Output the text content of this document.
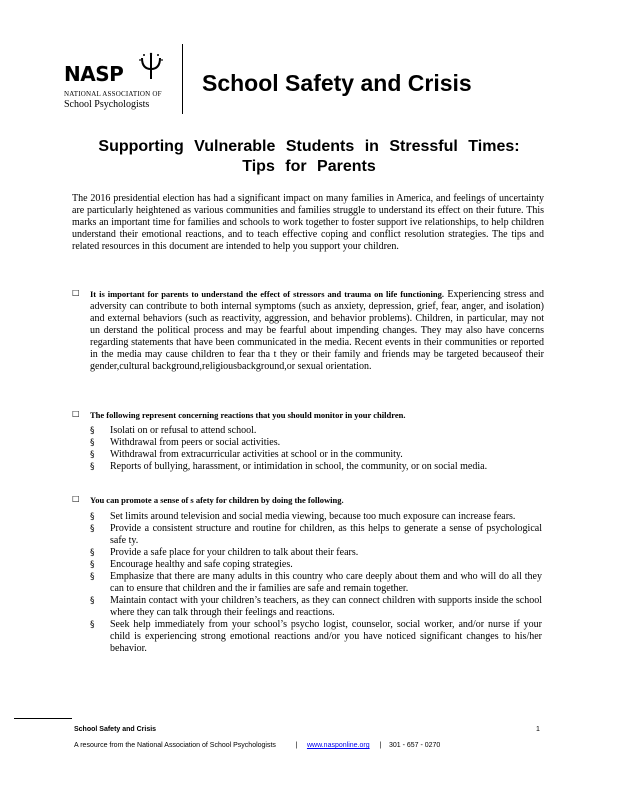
NASP
NATIONAL ASSOCIATION OF
School Psychologists
School Safety and Crisis
Supporting Vulnerable Students in Stressful Times:
Tips for Parents
The 2016 presidential election has had a significant impact on many families in America, and feelings of uncertainty are particularly heightened as various communities and families struggle to understand its effect on their future. This marks an important time for families and schools to work together to foster support ive relationships, to help children understand their emotional reactions, and to teach effective coping and conflict resolution strategies. The tips and related resources in this document are intended to help you support your children.
□ It is important for parents to understand the effect of stressors and trauma on life functioning. Experiencing stress and adversity can contribute to both internal symptoms (such as anxiety, depression, grief, fear, anger, and isolation) and external behaviors (such as reactivity, aggression, and behavior problems). Children, in particular, may not un derstand the political process and may be fearful about impending changes. They may also have concerns regarding statements that have been communicated in the media. Recent events in their communities or reported in the media may cause children to fear tha t they or their family and friends may be targeted becauseof their gender,cultural background,religiousbackground,or sexual orientation.
□ The following represent concerning reactions that you should monitor in your children.
§ Isolati on or refusal to attend school.
§ Withdrawal from peers or social activities.
§ Withdrawal from extracurricular activities at school or in the community.
§ Reports of bullying, harassment, or intimidation in school, the community, or on social media.
□ You can promote a sense of s afety for children by doing the following.
§ Set limits around television and social media viewing, because too much exposure can increase fears.
§ Provide a consistent structure and routine for children, as this helps to generate a sense of psychological safe ty.
§ Provide a safe place for your children to talk about their fears.
§ Encourage healthy and safe coping strategies.
§ Emphasize that there are many adults in this country who care deeply about them and who will do all they can to ensure that children and the ir families are safe and remain together.
§ Maintain contact with your children’s teachers, as they can connect children with supports inside the school where they can talk through their feelings and reactions.
§ Seek help immediately from your school’s psycho logist, counselor, social worker, and/or nurse if your child is experiencing strong emotional reactions and/or you have noticed significant changes to his/her behavior.
School Safety and Crisis	1
A resource from the National Association of School Psychologists	| www.nasponline.org | 301 - 657 - 0270
